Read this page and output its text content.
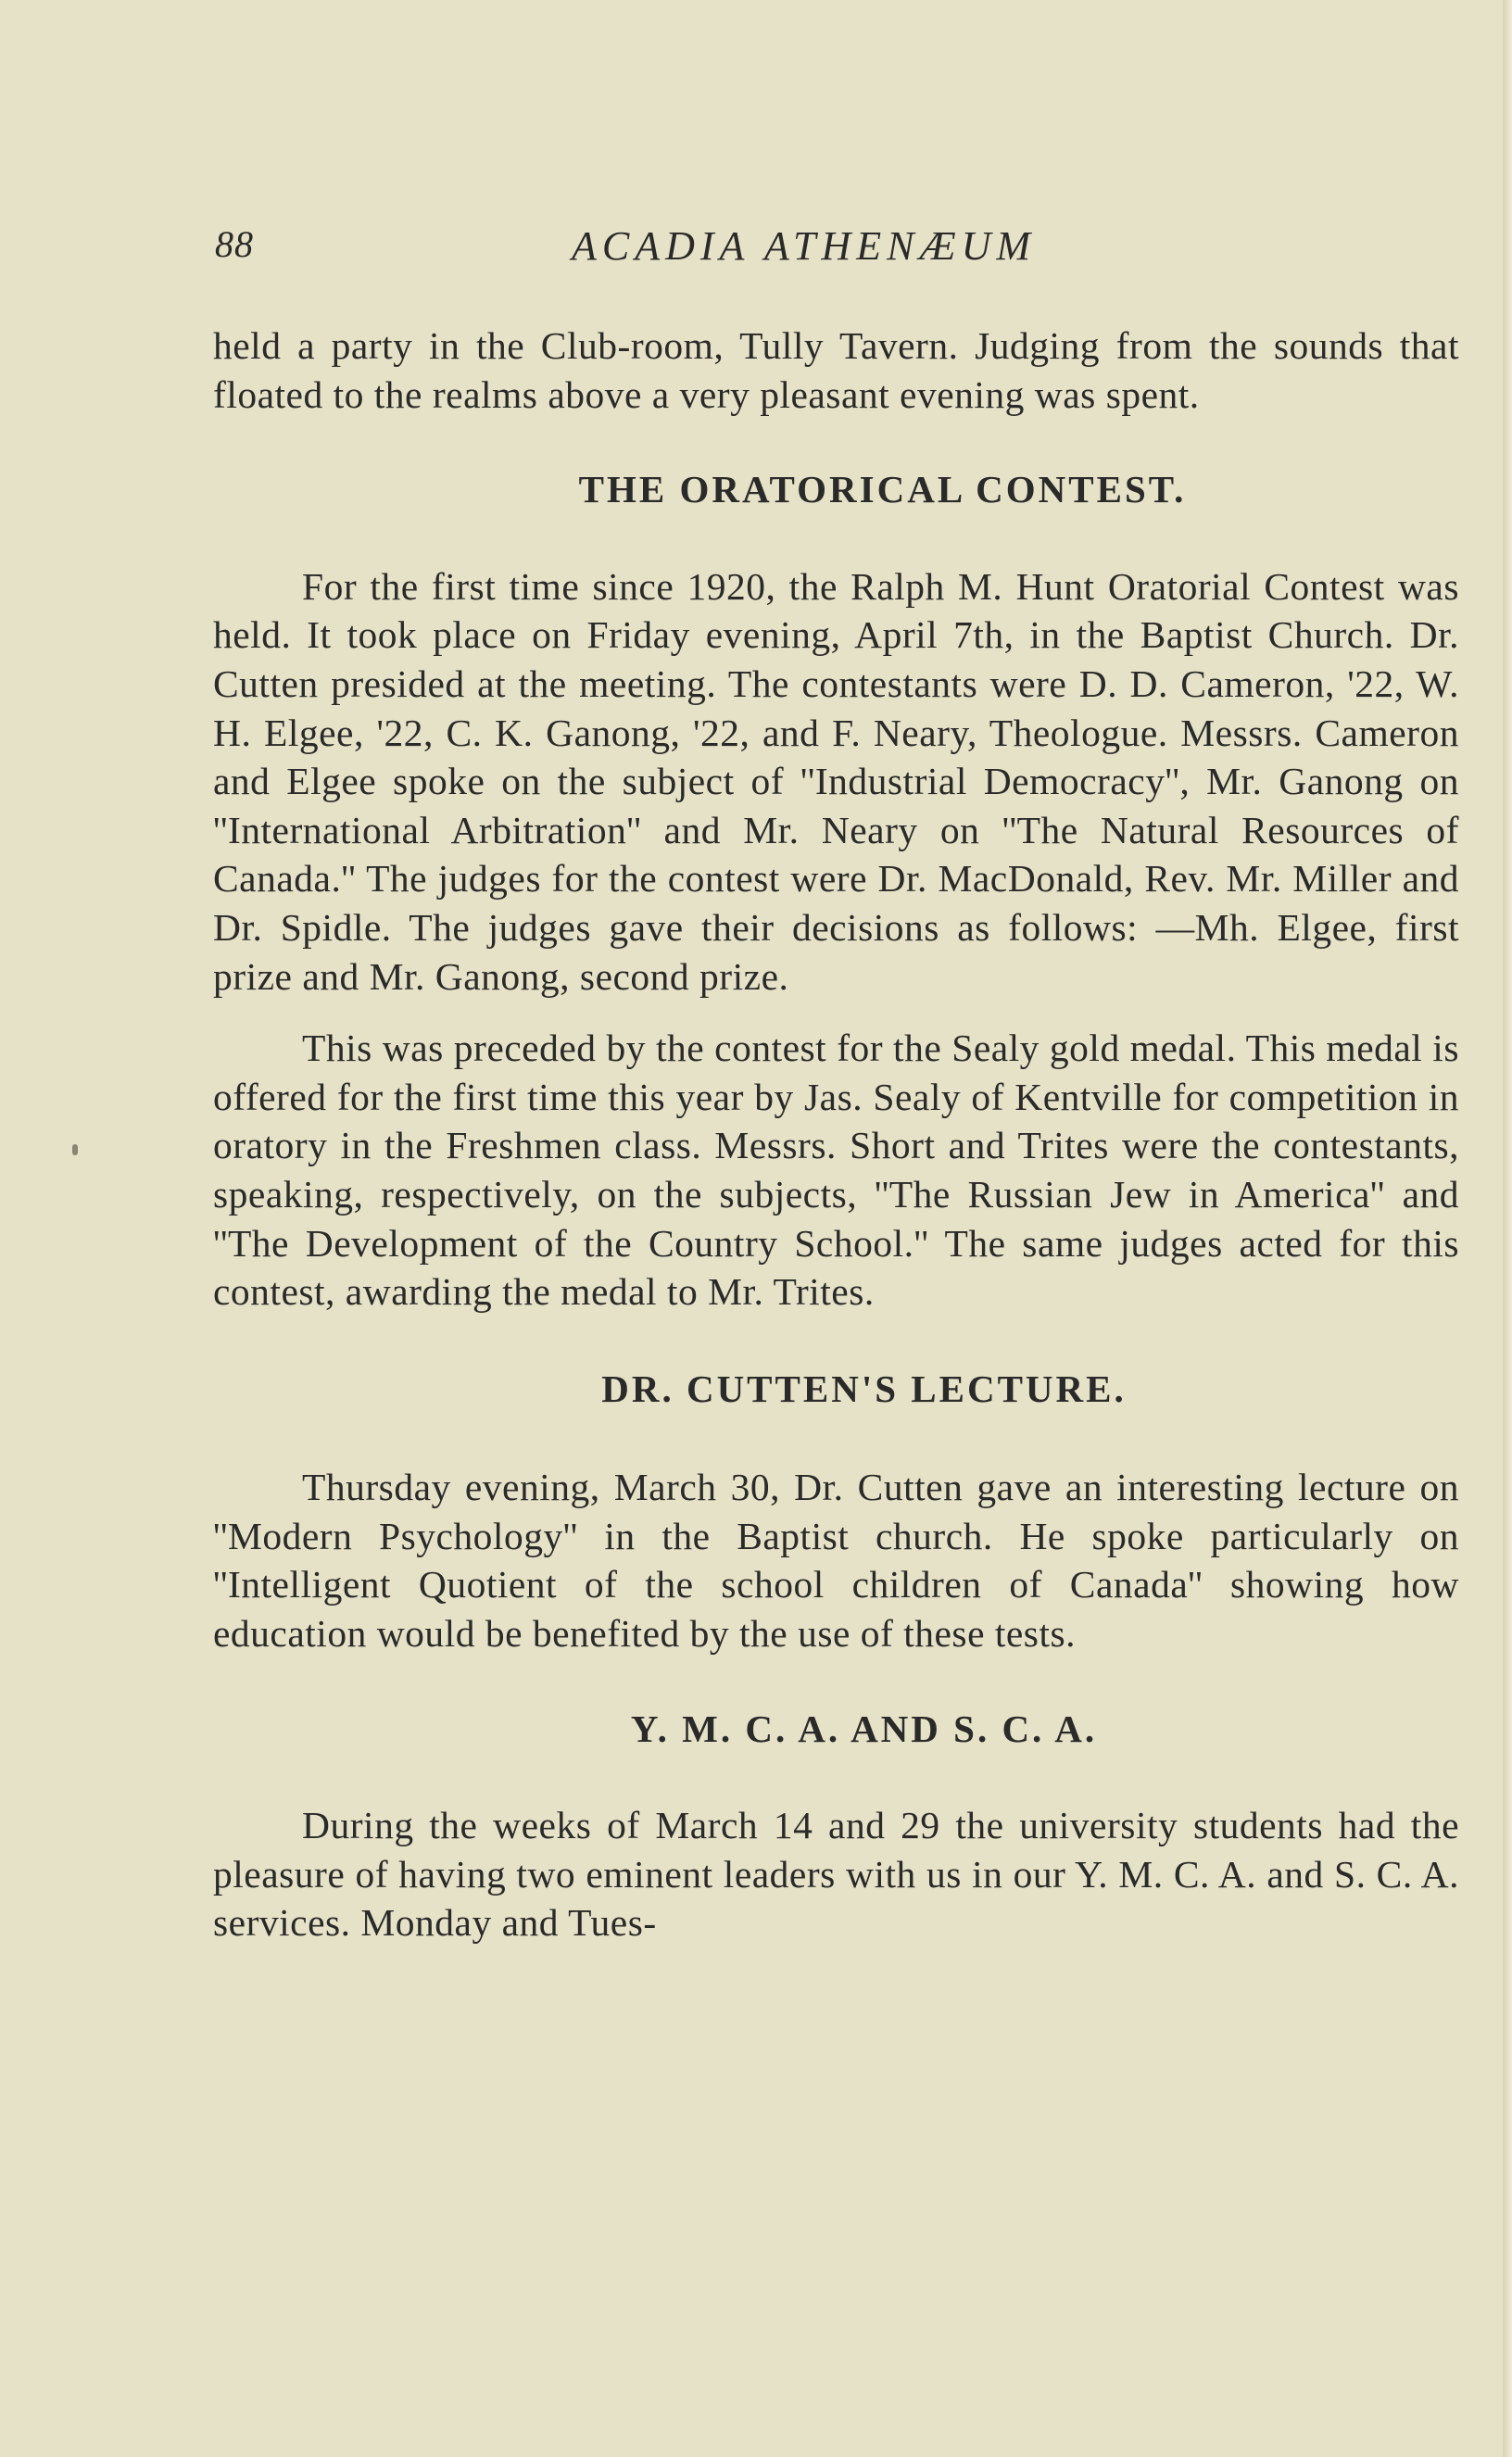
88	ACADIA ATHENÆUM

held a party in the Club-room, Tully Tavern. Judging from the sounds that floated to the realms above a very pleasant evening was spent.

THE ORATORICAL CONTEST.

For the first time since 1920, the Ralph M. Hunt Oratorial Contest was held. It took place on Friday evening, April 7th, in the Baptist Church. Dr. Cutten presided at the meeting. The contestants were D. D. Cameron, '22, W. H. Elgee, '22, C. K. Ganong, '22, and F. Neary, Theologue. Messrs. Cameron and Elgee spoke on the subject of ''Industrial Democracy'', Mr. Ganong on ''International Arbitration'' and Mr. Neary on ''The Natural Resources of Canada.'' The judges for the contest were Dr. MacDonald, Rev. Mr. Miller and Dr. Spidle. The judges gave their decisions as follows: —Mh. Elgee, first prize and Mr. Ganong, second prize.

This was preceded by the contest for the Sealy gold medal. This medal is offered for the first time this year by Jas. Sealy of Kentville for competition in oratory in the Freshmen class. Messrs. Short and Trites were the contestants, speaking, respectively, on the subjects, ''The Russian Jew in America'' and ''The Development of the Country School.'' The same judges acted for this contest, awarding the medal to Mr. Trites.

DR. CUTTEN'S LECTURE.

Thursday evening, March 30, Dr. Cutten gave an interesting lecture on ''Modern Psychology'' in the Baptist church. He spoke particularly on ''Intelligent Quotient of the school children of Canada'' showing how education would be benefited by the use of these tests.

Y. M. C. A. AND S. C. A.

During the weeks of March 14 and 29 the university students had the pleasure of having two eminent leaders with us in our Y. M. C. A. and S. C. A. services. Monday and Tues-
